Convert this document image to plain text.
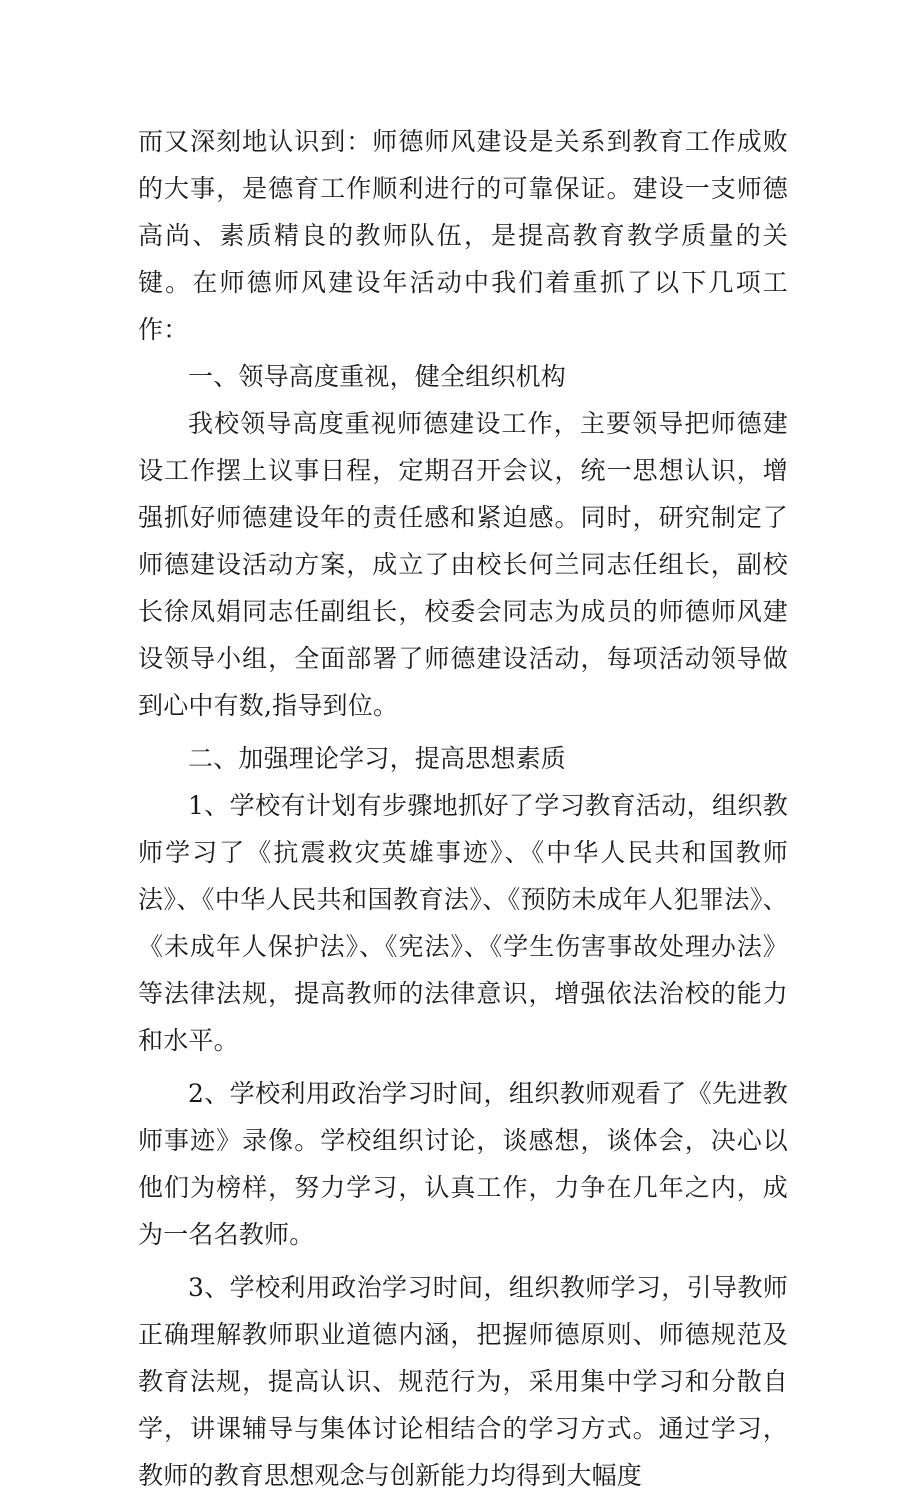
而又深刻地认识到：师德师风建设是关系到教育工作成败的大事，是德育工作顺利进行的可靠保证。建设一支师德高尚、素质精良的教师队伍，是提高教育教学质量的关键。在师德师风建设年活动中我们着重抓了以下几项工作：

一、领导高度重视，健全组织机构

我校领导高度重视师德建设工作，主要领导把师德建设工作摆上议事日程，定期召开会议，统一思想认识，增强抓好师德建设年的责任感和紧迫感。同时，研究制定了师德建设活动方案，成立了由校长何兰同志任组长，副校长徐凤娟同志任副组长，校委会同志为成员的师德师风建设领导小组，全面部署了师德建设活动，每项活动领导做到心中有数,指导到位。

二、加强理论学习，提高思想素质

1、学校有计划有步骤地抓好了学习教育活动，组织教师学习了《抗震救灾英雄事迹》、《中华人民共和国教师法》、《中华人民共和国教育法》、《预防未成年人犯罪法》、《未成年人保护法》、《宪法》、《学生伤害事故处理办法》等法律法规，提高教师的法律意识，增强依法治校的能力和水平。

2、学校利用政治学习时间，组织教师观看了《先进教师事迹》录像。学校组织讨论，谈感想，谈体会，决心以他们为榜样，努力学习，认真工作，力争在几年之内，成为一名名教师。

3、学校利用政治学习时间，组织教师学习，引导教师正确理解教师职业道德内涵，把握师德原则、师德规范及教育法规，提高认识、规范行为，采用集中学习和分散自学，讲课辅导与集体讨论相结合的学习方式。通过学习，教师的教育思想观念与创新能力均得到大幅度
